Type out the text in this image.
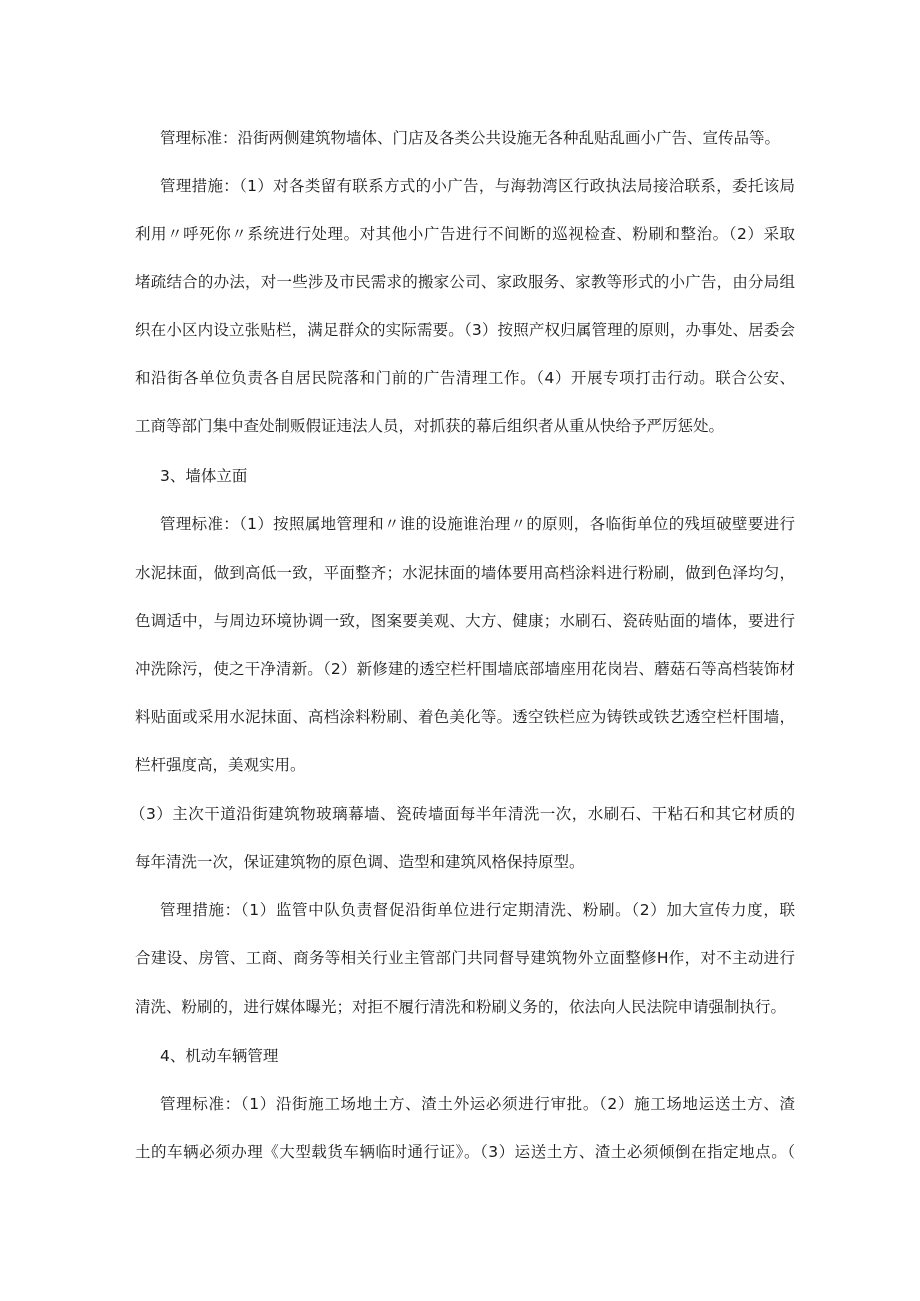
管理标准：沿街两侧建筑物墙体、门店及各类公共设施无各种乱贴乱画小广告、宣传品等。
管理措施：（1）对各类留有联系方式的小广告，与海勃湾区行政执法局接洽联系，委托该局
利用〃呼死你〃系统进行处理。对其他小广告进行不间断的巡视检查、粉刷和整治。（2）采取
堵疏结合的办法，对一些涉及市民需求的搬家公司、家政服务、家教等形式的小广告，由分局组
织在小区内设立张贴栏，满足群众的实际需要。（3）按照产权归属管理的原则，办事处、居委会
和沿街各单位负责各自居民院落和门前的广告清理工作。（4）开展专项打击行动。联合公安、
工商等部门集中查处制贩假证违法人员，对抓获的幕后组织者从重从快给予严厉惩处。
3、墙体立面
管理标准：（1）按照属地管理和〃谁的设施谁治理〃的原则，各临街单位的残垣破壁要进行
水泥抹面，做到高低一致，平面整齐；水泥抹面的墙体要用高档涂料进行粉刷，做到色泽均匀，
色调适中，与周边环境协调一致，图案要美观、大方、健康；水刷石、瓷砖贴面的墙体，要进行
冲洗除污，使之干净清新。（2）新修建的透空栏杆围墙底部墙座用花岗岩、蘑菇石等高档装饰材
料贴面或采用水泥抹面、高档涂料粉刷、着色美化等。透空铁栏应为铸铁或铁艺透空栏杆围墙，
栏杆强度高，美观实用。
（3）主次干道沿街建筑物玻璃幕墙、瓷砖墙面每半年清洗一次，水刷石、干粘石和其它材质的
每年清洗一次，保证建筑物的原色调、造型和建筑风格保持原型。
管理措施：（1）监管中队负责督促沿街单位进行定期清洗、粉刷。（2）加大宣传力度，联
合建设、房管、工商、商务等相关行业主管部门共同督导建筑物外立面整修H作，对不主动进行
清洗、粉刷的，进行媒体曝光；对拒不履行清洗和粉刷义务的，依法向人民法院申请强制执行。
4、机动车辆管理
管理标准：（1）沿街施工场地土方、渣土外运必须进行审批。（2）施工场地运送土方、渣
土的车辆必须办理《大型载货车辆临时通行证》。（3）运送土方、渣土必须倾倒在指定地点。（
